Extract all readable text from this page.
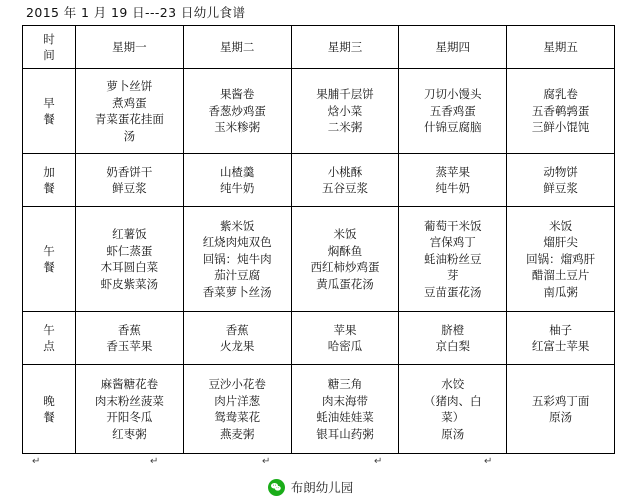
2015 年 1 月 19 日---23 日幼儿食谱
时
间	星期一	星期二	星期三	星期四	星期五

早
餐	萝卜丝饼
煮鸡蛋
青菜蛋花挂面
汤	果酱卷
香葱炒鸡蛋
玉米糁粥	果脯千层饼
焓小菜
二米粥	刀切小馒头
五香鸡蛋
什锦豆腐脑	腐乳卷
五香鹌鹑蛋
三鲜小馄饨

加
餐	奶香饼干
鲜豆浆	山楂羹
纯牛奶	小桃酥
五谷豆浆	蒸苹果
纯牛奶	动物饼
鲜豆浆

午
餐	红薯饭
虾仁蒸蛋
木耳圆白菜
虾皮紫菜汤	紫米饭
红烧肉炖双色
回锅：炖牛肉
茄汁豆腐
香菜萝卜丝汤	米饭
焖酥鱼
西红柿炒鸡蛋
黄瓜蛋花汤	葡萄干米饭
宫保鸡丁
蚝油粉丝豆
芽
豆苗蛋花汤	米饭
熘肝尖
回锅：熘鸡肝
醋溜土豆片
南瓜粥

午
点	香蕉
香玉苹果	香蕉
火龙果	苹果
哈密瓜	脐橙
京白梨	柚子
红富士苹果

晚
餐	麻酱糖花卷
肉末粉丝菠菜
开阳冬瓜
红枣粥	豆沙小花卷
肉片洋葱
鸳鸯菜花
燕麦粥	糖三角
肉末海带
蚝油娃娃菜
银耳山药粥	水饺
（猪肉、白
菜）
原汤	五彩鸡丁面
原汤
↵	↵	↵	↵	↵
布朗幼儿园
